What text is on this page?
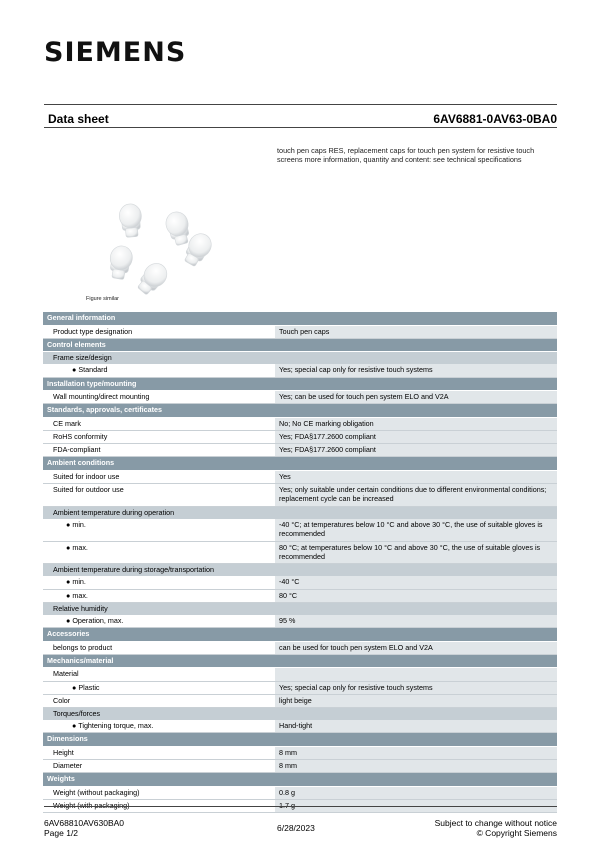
SIEMENS
Data sheet	6AV6881-0AV63-0BA0
touch pen caps RES, replacement caps for touch pen system for resistive touch screens more information, quantity and content: see technical specifications
Figure similar
General information	
Product type designation	Touch pen caps
Control elements	
Frame size/design	
● Standard	Yes; special cap only for resistive touch systems
Installation type/mounting	
Wall mounting/direct mounting	Yes; can be used for touch pen system ELO and V2A
Standards, approvals, certificates	
CE mark	No; No CE marking obligation
RoHS conformity	Yes; FDA§177.2600 compliant
FDA-compliant	Yes; FDA§177.2600 compliant
Ambient conditions	
Suited for indoor use	Yes
Suited for outdoor use	Yes; only suitable under certain conditions due to different environmental conditions; replacement cycle can be increased
Ambient temperature during operation	
● min.	-40 °C; at temperatures below 10 °C and above 30 °C, the use of suitable gloves is recommended
● max.	80 °C; at temperatures below 10 °C and above 30 °C, the use of suitable gloves is recommended
Ambient temperature during storage/transportation	
● min.	-40 °C
● max.	80 °C
Relative humidity	
● Operation, max.	95 %
Accessories	
belongs to product	can be used for touch pen system ELO and V2A
Mechanics/material	
Material	
● Plastic	Yes; special cap only for resistive touch systems
Color	light beige
Torques/forces	
● Tightening torque, max.	Hand-tight
Dimensions	
Height	8 mm
Diameter	8 mm
Weights	
Weight (without packaging)	0.8 g
Weight (with packaging)	1.7 g
6AV68810AV630BA0
Page 1/2	6/28/2023	Subject to change without notice
© Copyright Siemens
